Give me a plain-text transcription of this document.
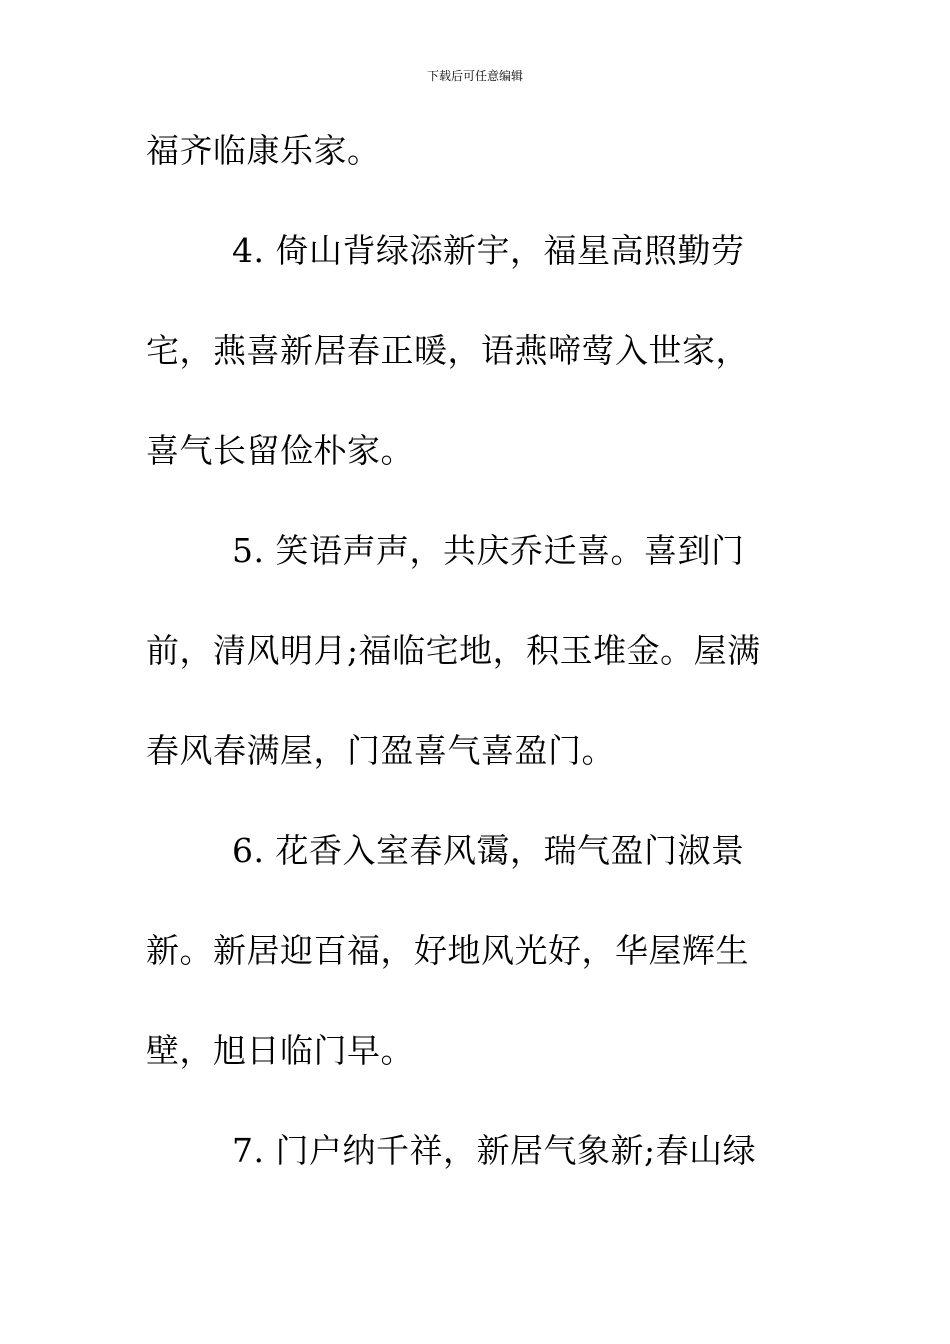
下载后可任意编辑
福齐临康乐家。
4. 倚山背绿添新宇，福星高照勤劳
宅，燕喜新居春正暖，语燕啼莺入世家，
喜气长留俭朴家。
5. 笑语声声，共庆乔迁喜。喜到门
前，清风明月;福临宅地，积玉堆金。屋满
春风春满屋，门盈喜气喜盈门。
6. 花香入室春风霭，瑞气盈门淑景
新。新居迎百福，好地风光好，华屋辉生
壁，旭日临门早。
7. 门户纳千祥，新居气象新;春山绿
